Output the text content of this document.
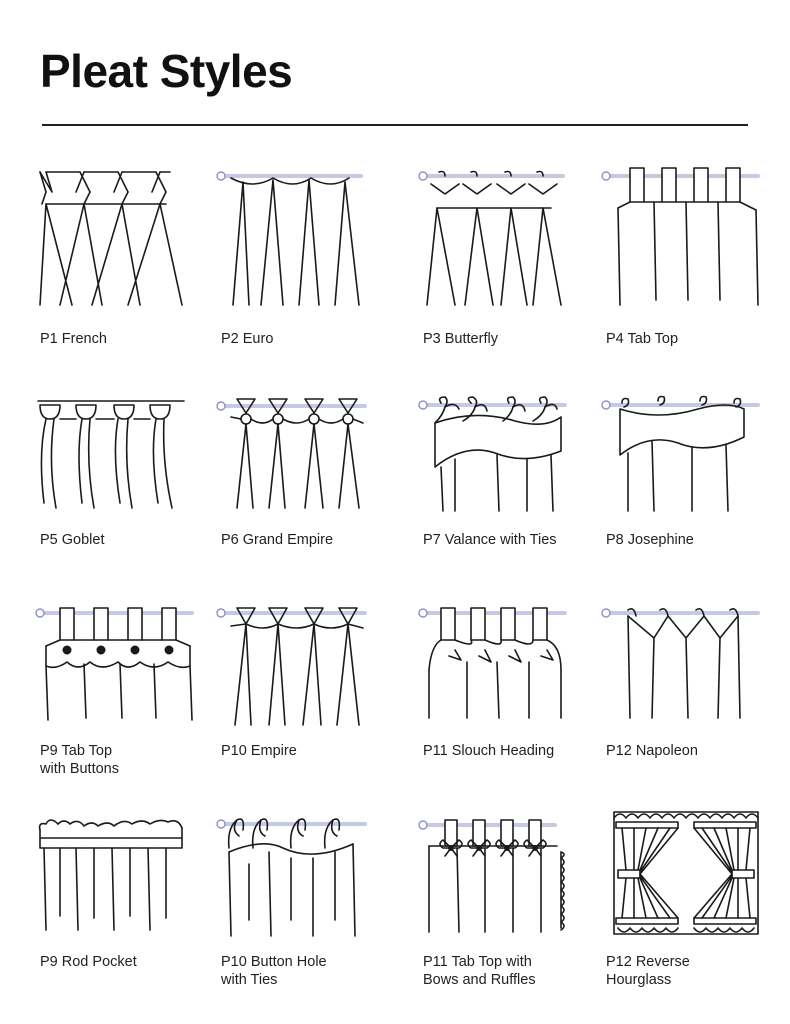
Pleat Styles
P1 French	P2 Euro	P3 Butterfly	P4 Tab Top
P5 Goblet	P6 Grand Empire	P7 Valance with Ties	P8 Josephine
P9 Tab Top
with Buttons
P10 Empire	P11 Slouch Heading	P12 Napoleon
P9 Rod Pocket	P10 Button Hole
with Ties
P11 Tab Top with
Bows and Ruffles
P12 Reverse
Hourglass
